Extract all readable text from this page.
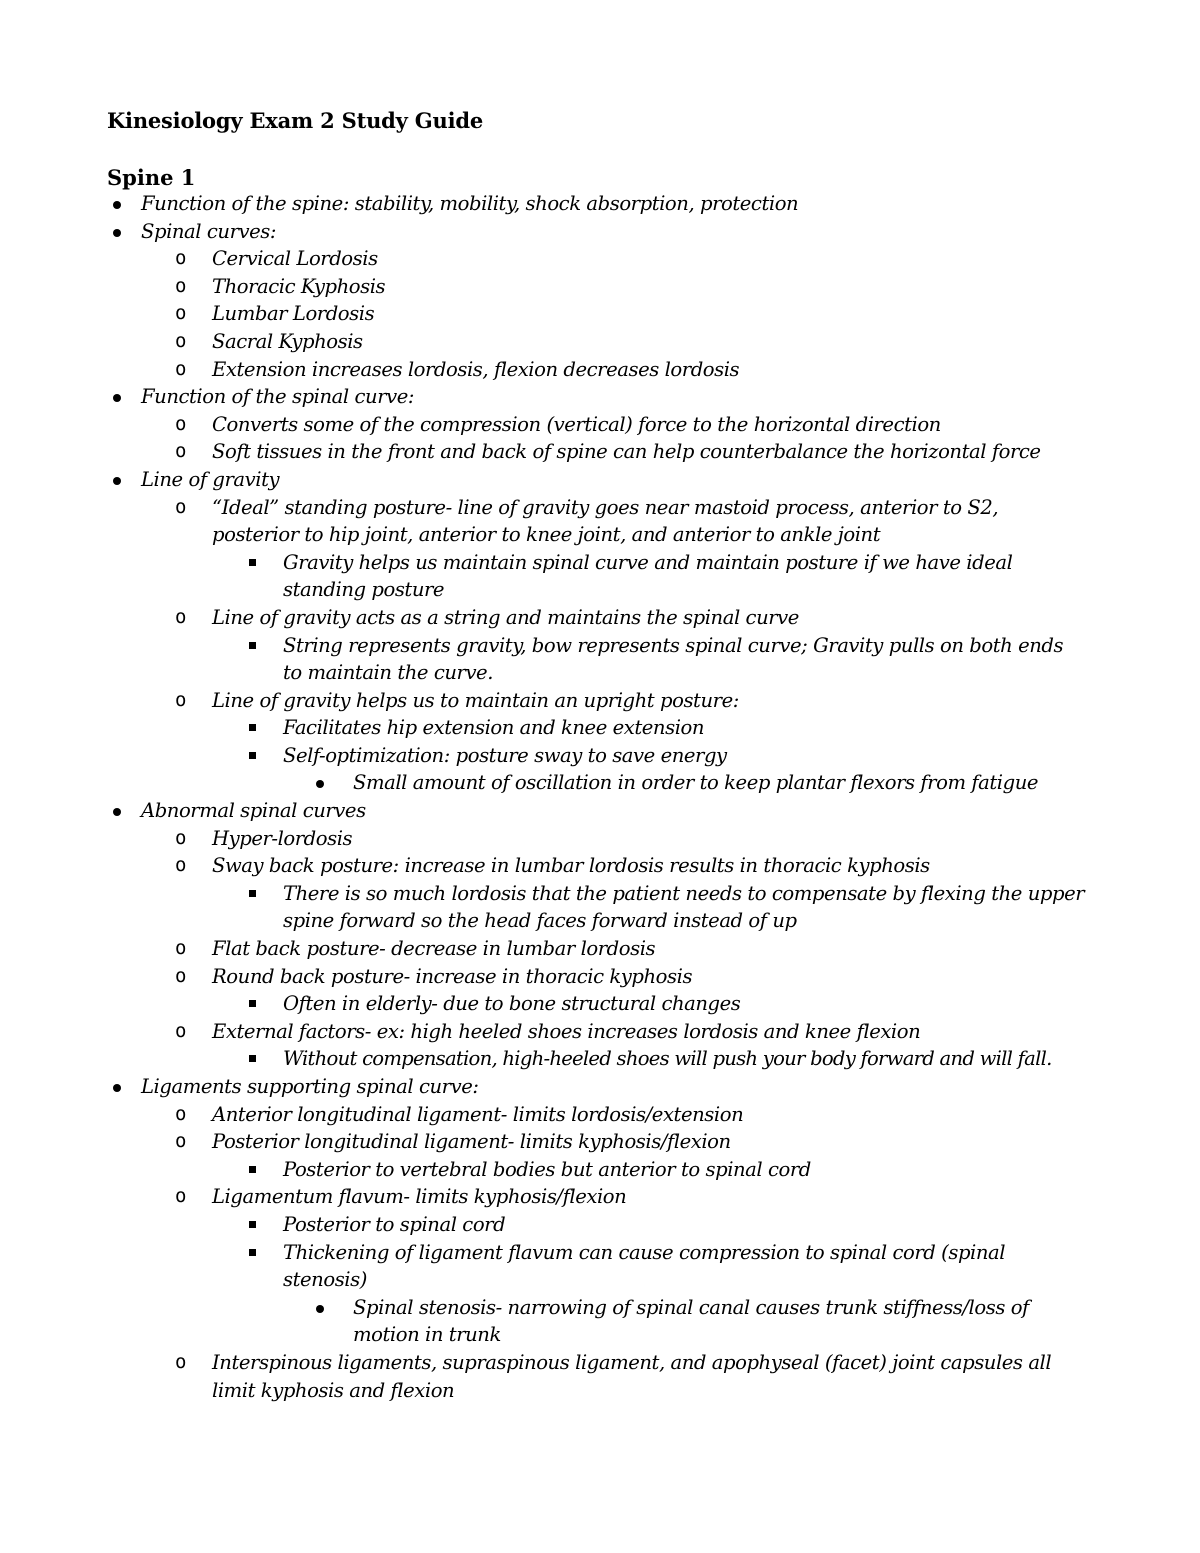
Kinesiology Exam 2 Study Guide
Spine 1
Function of the spine: stability, mobility, shock absorption, protection
Spinal curves:
o Cervical Lordosis
o Thoracic Kyphosis
o Lumbar Lordosis
o Sacral Kyphosis
o Extension increases lordosis, flexion decreases lordosis
Function of the spinal curve:
o Converts some of the compression (vertical) force to the horizontal direction
o Soft tissues in the front and back of spine can help counterbalance the horizontal force
Line of gravity
o “Ideal” standing posture- line of gravity goes near mastoid process, anterior to S2, posterior to hip joint, anterior to knee joint, and anterior to ankle joint
Gravity helps us maintain spinal curve and maintain posture if we have ideal standing posture
o Line of gravity acts as a string and maintains the spinal curve
String represents gravity, bow represents spinal curve; Gravity pulls on both ends to maintain the curve.
o Line of gravity helps us to maintain an upright posture:
Facilitates hip extension and knee extension
Self-optimization: posture sway to save energy
Small amount of oscillation in order to keep plantar flexors from fatigue
Abnormal spinal curves
o Hyper-lordosis
o Sway back posture: increase in lumbar lordosis results in thoracic kyphosis
There is so much lordosis that the patient needs to compensate by flexing the upper spine forward so the head faces forward instead of up
o Flat back posture- decrease in lumbar lordosis
o Round back posture- increase in thoracic kyphosis
Often in elderly- due to bone structural changes
o External factors- ex: high heeled shoes increases lordosis and knee flexion
Without compensation, high-heeled shoes will push your body forward and will fall.
Ligaments supporting spinal curve:
o Anterior longitudinal ligament- limits lordosis/extension
o Posterior longitudinal ligament- limits kyphosis/flexion
Posterior to vertebral bodies but anterior to spinal cord
o Ligamentum flavum- limits kyphosis/flexion
Posterior to spinal cord
Thickening of ligament flavum can cause compression to spinal cord (spinal stenosis)
Spinal stenosis- narrowing of spinal canal causes trunk stiffness/loss of motion in trunk
o Interspinous ligaments, supraspinous ligament, and apophyseal (facet) joint capsules all limit kyphosis and flexion
